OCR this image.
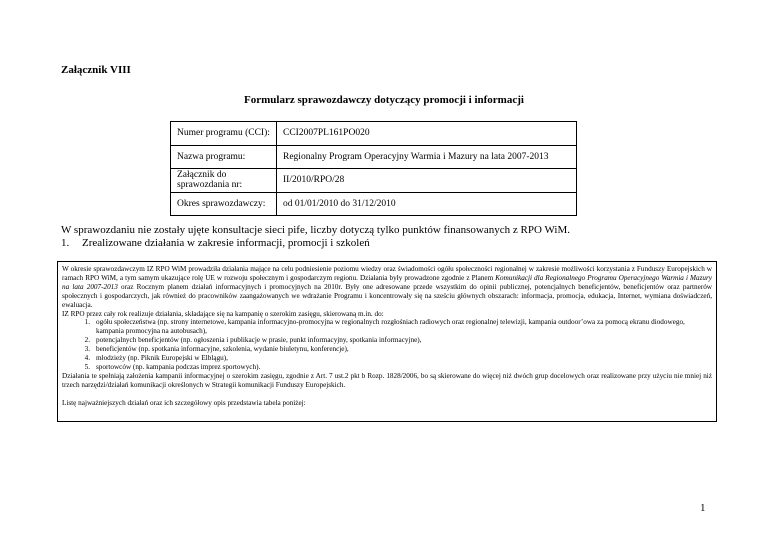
Załącznik VIII
Formularz sprawozdawczy dotyczący promocji i informacji
Numer programu (CCI):	CCI2007PL161PO020
Nazwa programu:	Regionalny Program Operacyjny Warmia i Mazury na lata 2007-2013
Załącznik do sprawozdania nr:	II/2010/RPO/28
Okres sprawozdawczy:	od 01/01/2010 do 31/12/2010
W sprawozdaniu nie zostały ujęte konsultacje sieci pife, liczby dotyczą tylko punktów finansowanych z RPO WiM.
1. Zrealizowane działania w zakresie informacji, promocji i szkoleń

W okresie sprawozdawczym IZ RPO WiM prowadziła działania mające na celu podniesienie poziomu wiedzy oraz świadomości ogółu społeczności regionalnej w zakresie możliwości korzystania z Funduszy Europejskich w ramach RPO WiM, a tym samym ukazujące rolę UE w rozwoju społecznym i gospodarczym regionu. Działania były prowadzone zgodnie z Planem Komunikacji dla Regionalnego Programu Operacyjnego Warmia i Mazury na lata 2007-2013 oraz Rocznym planem działań informacyjnych i promocyjnych na 2010r. Były one adresowane przede wszystkim do opinii publicznej, potencjalnych beneficjentów, beneficjentów oraz partnerów społecznych i gospodarczych, jak również do pracowników zaangażowanych we wdrażanie Programu i koncentrowały się na sześciu głównych obszarach: informacja, promocja, edukacja, Internet, wymiana doświadczeń, ewaluacja.

IZ RPO przez cały rok realizuje działania, składające się na kampanię o szerokim zasięgu, skierowaną m.in. do:

1. ogółu społeczeństwa (np. strony internetowe, kampania informacyjno-promocyjna w regionalnych rozgłośniach radiowych oraz regionalnej telewizji, kampania outdoor’owa za pomocą ekranu diodowego, kampania promocyjna na autobusach),
2. potencjalnych beneficjentów (np. ogłoszenia i publikacje w prasie, punkt informacyjny, spotkania informacyjne),
3. beneficjentów (np. spotkania informacyjne, szkolenia, wydanie biuletynu, konferencje),
4. młodzieży (np. Piknik Europejski w Elblągu),
5. sportowców (np. kampania podczas imprez sportowych).

Działania te spełniają założenia kampanii informacyjnej o szerokim zasięgu, zgodnie z Art. 7 ust.2 pkt b Rozp. 1828/2006, bo są skierowane do więcej niż dwóch grup docelowych oraz realizowane przy użyciu nie mniej niż trzech narzędzi/działań komunikacji określonych w Strategii komunikacji Funduszy Europejskich.

Listę najważniejszych działań oraz ich szczegółowy opis przedstawia tabela poniżej:

1
